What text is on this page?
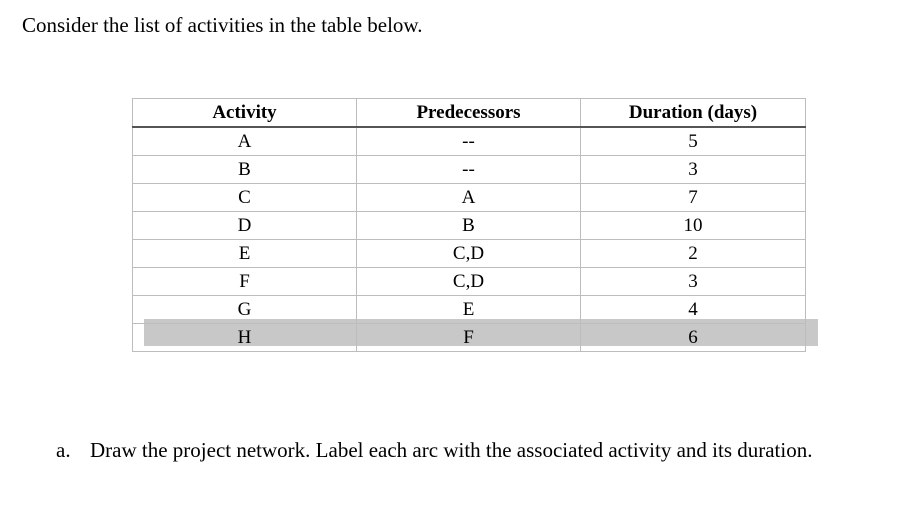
Consider the list of activities in the table below.
Activity	Predecessors	Duration (days)
A	--	5
B	--	3
C	A	7
D	B	10
E	C,D	2
F	C,D	3
G	E	4
H	F	6
a. Draw the project network. Label each arc with the associated activity and its duration.
